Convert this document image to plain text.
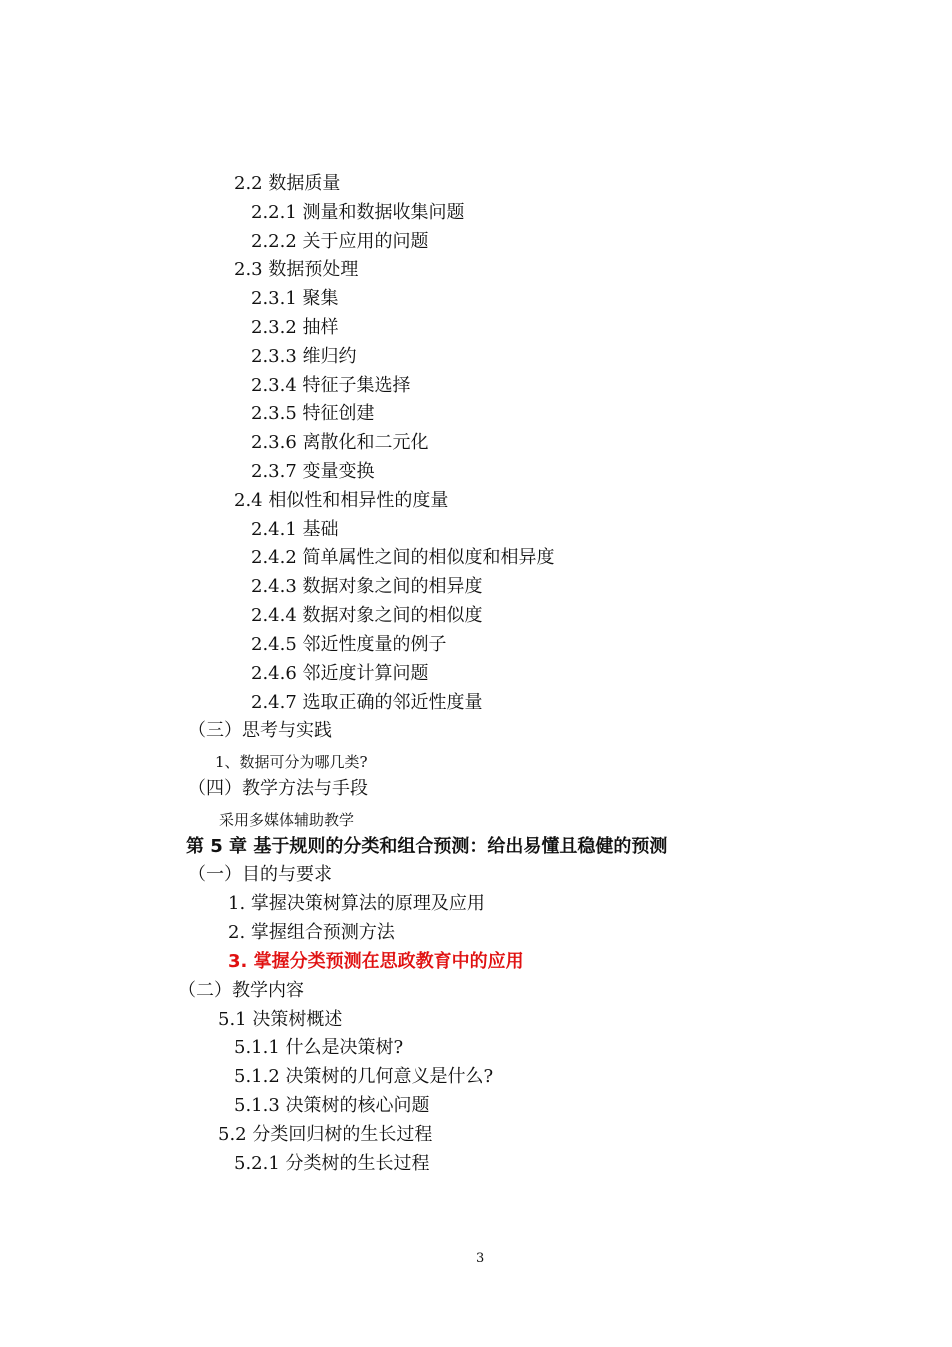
2.2 数据质量
2.2.1 测量和数据收集问题
2.2.2 关于应用的问题
2.3 数据预处理
2.3.1 聚集
2.3.2 抽样
2.3.3 维归约
2.3.4 特征子集选择
2.3.5 特征创建
2.3.6 离散化和二元化
2.3.7 变量变换
2.4 相似性和相异性的度量
2.4.1 基础
2.4.2 简单属性之间的相似度和相异度
2.4.3 数据对象之间的相异度
2.4.4 数据对象之间的相似度
2.4.5 邻近性度量的例子
2.4.6 邻近度计算问题
2.4.7 选取正确的邻近性度量
（三）思考与实践
1、数据可分为哪几类?
（四）教学方法与手段
采用多媒体辅助教学
第 5 章 基于规则的分类和组合预测：给出易懂且稳健的预测
（一）目的与要求
1. 掌握决策树算法的原理及应用
2. 掌握组合预测方法
3. 掌握分类预测在思政教育中的应用
（二）教学内容
5.1 决策树概述
5.1.1 什么是决策树?
5.1.2 决策树的几何意义是什么?
5.1.3 决策树的核心问题
5.2 分类回归树的生长过程
5.2.1 分类树的生长过程
3
